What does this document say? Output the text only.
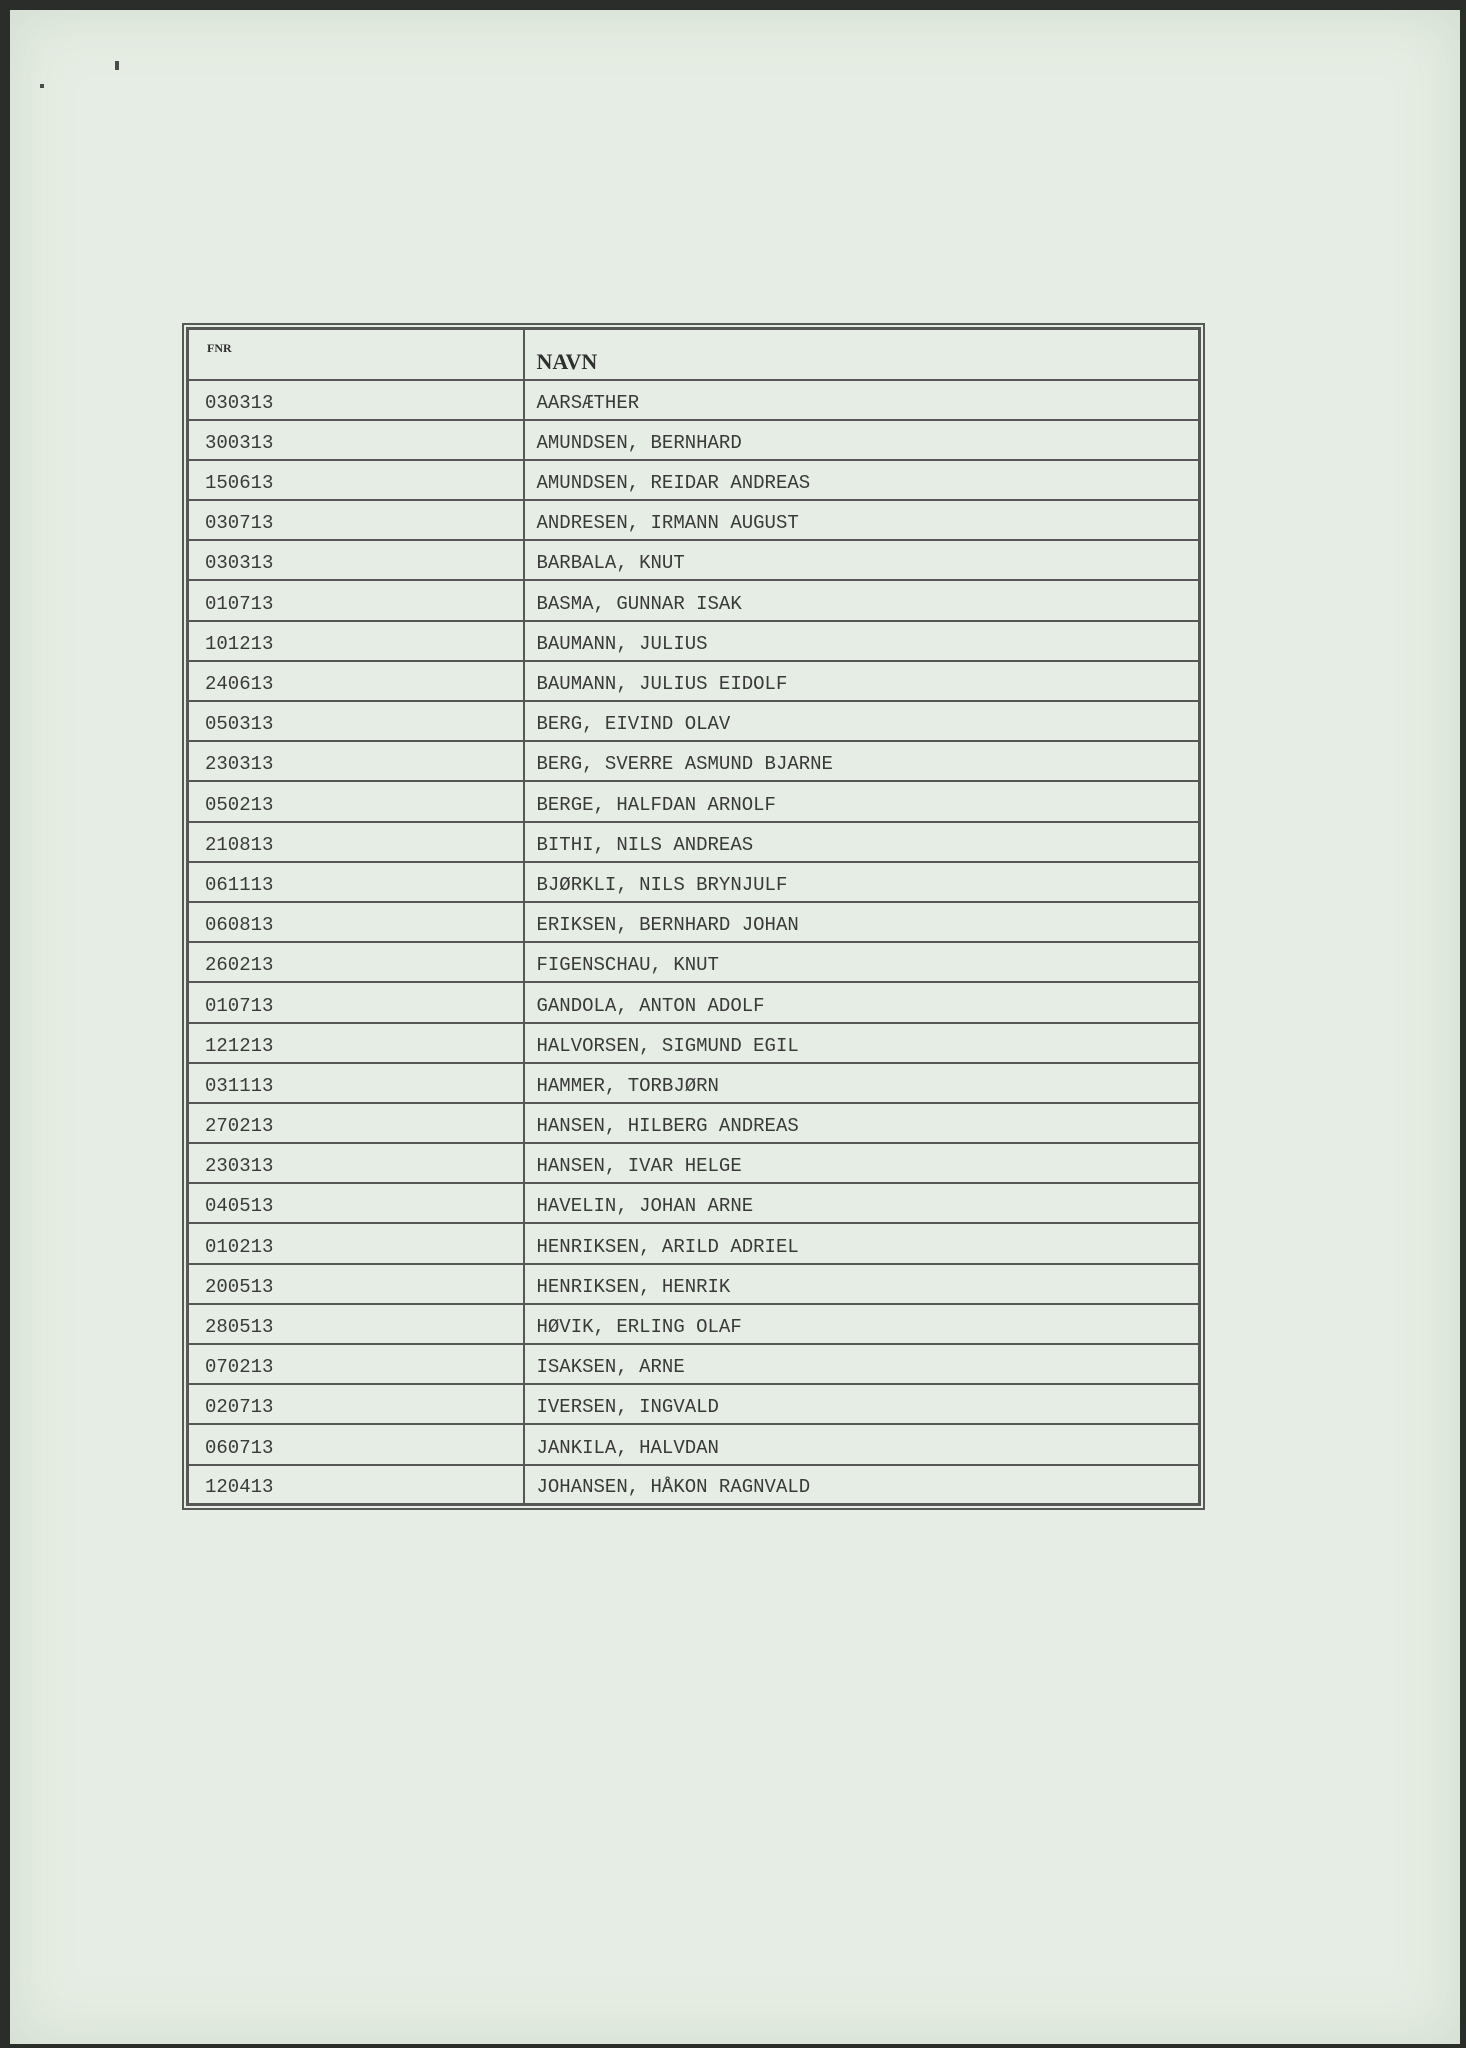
FNR	NAVN
030313	AARSÆTHER
300313	AMUNDSEN, BERNHARD
150613	AMUNDSEN, REIDAR ANDREAS
030713	ANDRESEN, IRMANN AUGUST
030313	BARBALA, KNUT
010713	BASMA, GUNNAR ISAK
101213	BAUMANN, JULIUS
240613	BAUMANN, JULIUS EIDOLF
050313	BERG, EIVIND OLAV
230313	BERG, SVERRE ASMUND BJARNE
050213	BERGE, HALFDAN ARNOLF
210813	BITHI, NILS ANDREAS
061113	BJØRKLI, NILS BRYNJULF
060813	ERIKSEN, BERNHARD JOHAN
260213	FIGENSCHAU, KNUT
010713	GANDOLA, ANTON ADOLF
121213	HALVORSEN, SIGMUND EGIL
031113	HAMMER, TORBJØRN
270213	HANSEN, HILBERG ANDREAS
230313	HANSEN, IVAR HELGE
040513	HAVELIN, JOHAN ARNE
010213	HENRIKSEN, ARILD ADRIEL
200513	HENRIKSEN, HENRIK
280513	HØVIK, ERLING OLAF
070213	ISAKSEN, ARNE
020713	IVERSEN, INGVALD
060713	JANKILA, HALVDAN
120413	JOHANSEN, HÅKON RAGNVALD
